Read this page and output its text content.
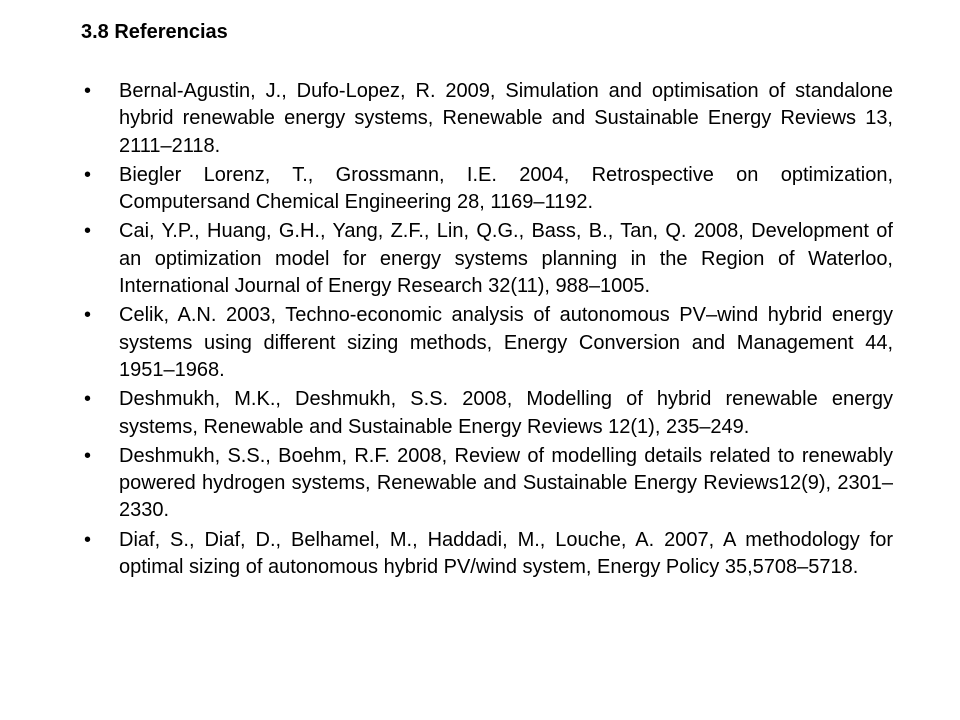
3.8 Referencias
• Bernal-Agustin, J., Dufo-Lopez, R. 2009, Simulation and optimisation of standalone hybrid renewable energy systems, Renewable and Sustainable Energy Reviews 13, 2111–2118.
• Biegler Lorenz, T., Grossmann, I.E. 2004, Retrospective on optimization, Computersand Chemical Engineering 28, 1169–1192.
• Cai, Y.P., Huang, G.H., Yang, Z.F., Lin, Q.G., Bass, B., Tan, Q. 2008, Development of an optimization model for energy systems planning in the Region of Waterloo, International Journal of Energy Research 32(11), 988–1005.
• Celik, A.N. 2003, Techno-economic analysis of autonomous PV–wind hybrid energy systems using different sizing methods, Energy Conversion and Management 44, 1951–1968.
• Deshmukh, M.K., Deshmukh, S.S. 2008, Modelling of hybrid renewable energy systems, Renewable and Sustainable Energy Reviews 12(1), 235–249.
• Deshmukh, S.S., Boehm, R.F. 2008, Review of modelling details related to renewably powered hydrogen systems, Renewable and Sustainable Energy Reviews12(9), 2301–2330.
• Diaf, S., Diaf, D., Belhamel, M., Haddadi, M., Louche, A. 2007, A methodology for optimal sizing of autonomous hybrid PV/wind system, Energy Policy 35,5708–5718.
